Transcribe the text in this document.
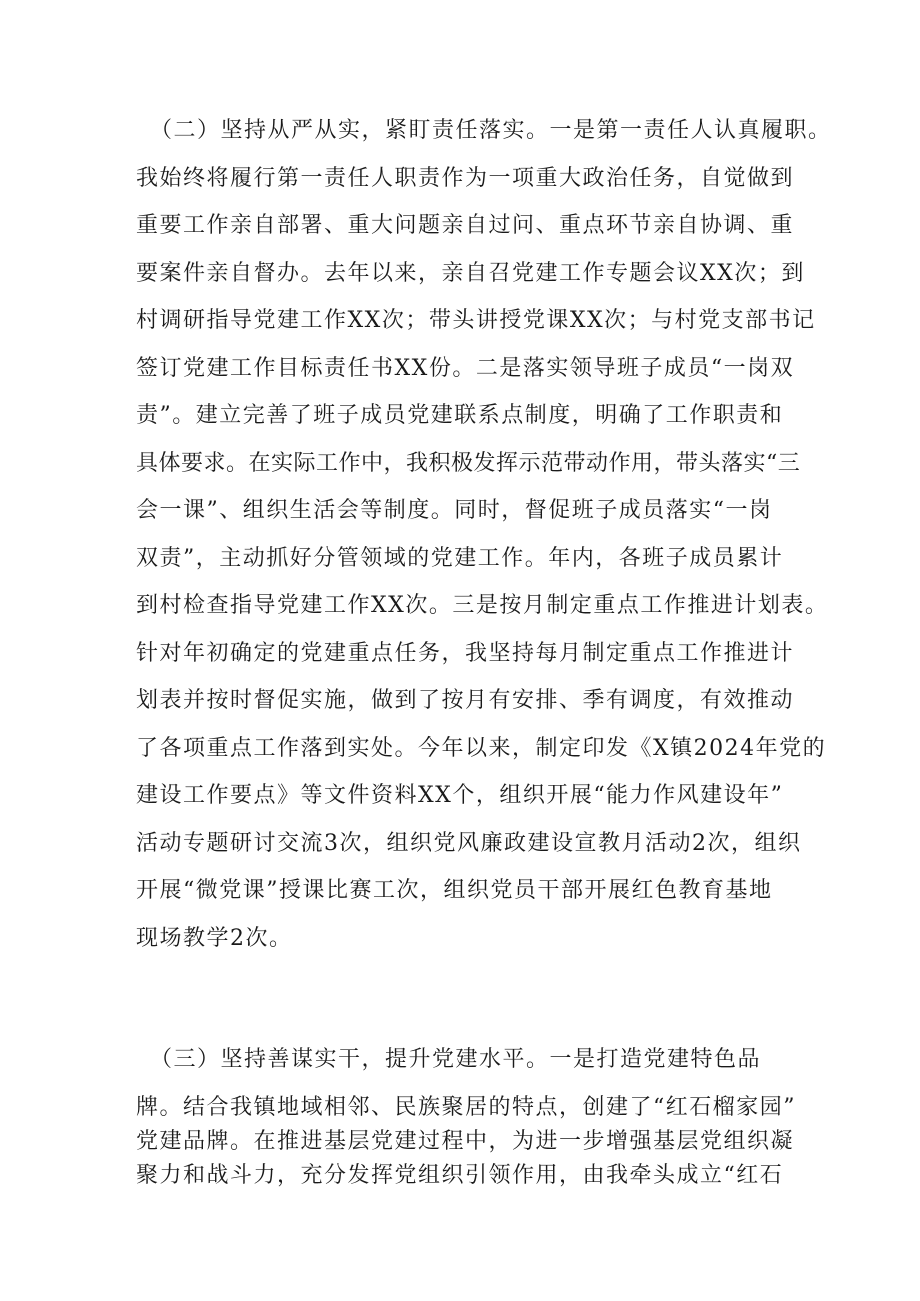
（二）坚持从严从实，紧盯责任落实。一是第一责任人认真履职。

我始终将履行第一责任人职责作为一项重大政治任务，自觉做到

重要工作亲自部署、重大问题亲自过问、重点环节亲自协调、重

要案件亲自督办。去年以来，亲自召党建工作专题会议XX次；到

村调研指导党建工作XX次；带头讲授党课XX次；与村党支部书记

签订党建工作目标责任书XX份。二是落实领导班子成员“一岗双

责”。建立完善了班子成员党建联系点制度，明确了工作职责和

具体要求。在实际工作中，我积极发挥示范带动作用，带头落实“三

会一课”、组织生活会等制度。同时，督促班子成员落实“一岗

双责”，主动抓好分管领域的党建工作。年内，各班子成员累计

到村检查指导党建工作XX次。三是按月制定重点工作推进计划表。

针对年初确定的党建重点任务，我坚持每月制定重点工作推进计

划表并按时督促实施，做到了按月有安排、季有调度，有效推动

了各项重点工作落到实处。今年以来，制定印发《X镇2024年党的

建设工作要点》等文件资料XX个，组织开展“能力作风建设年”

活动专题研讨交流3次，组织党风廉政建设宣教月活动2次，组织

开展“微党课”授课比赛工次，组织党员干部开展红色教育基地

现场教学2次。

（三）坚持善谋实干，提升党建水平。一是打造党建特色品

牌。结合我镇地域相邻、民族聚居的特点，创建了“红石榴家园”

党建品牌。在推进基层党建过程中，为进一步增强基层党组织凝

聚力和战斗力，充分发挥党组织引领作用，由我牵头成立“红石
